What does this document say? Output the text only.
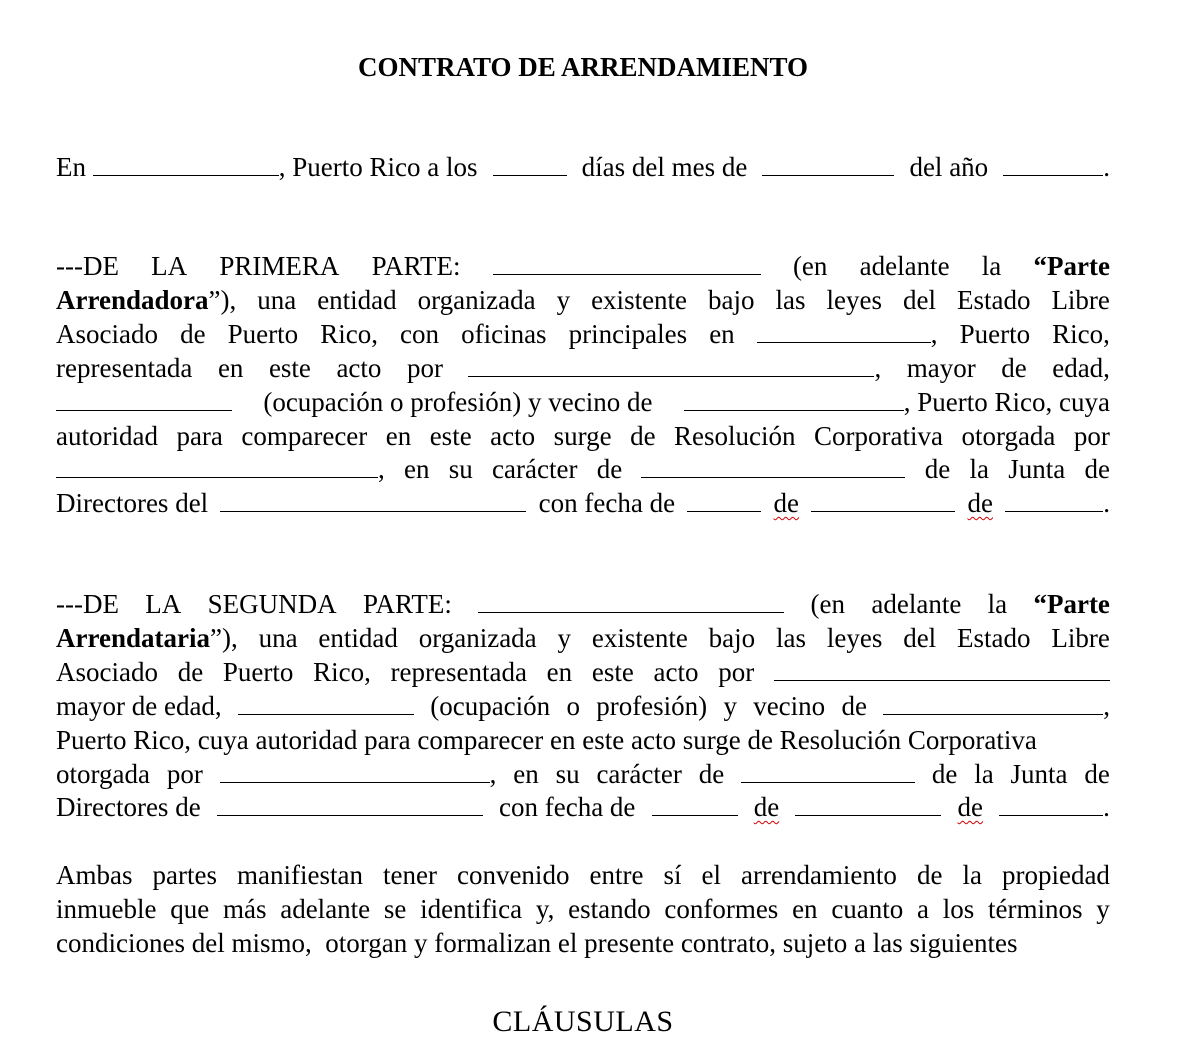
CONTRATO DE ARRENDAMIENTO
En	, Puerto Rico a los	días del mes de	del año	.
---DE LA PRIMERA PARTE:	(en adelante la “Parte
Arrendadora”), una entidad organizada y existente bajo las leyes del Estado Libre
Asociado de Puerto Rico, con oficinas principales en	, Puerto Rico,
representada en este acto por	, mayor de edad,
(ocupación o profesión) y vecino de	, Puerto Rico, cuya
autoridad para comparecer en este acto surge de Resolución Corporativa otorgada por
, en su carácter de	de la Junta de
Directores del	con fecha de	de	de	.
---DE LA SEGUNDA PARTE:	(en adelante la “Parte
Arrendataria”), una entidad organizada y existente bajo las leyes del Estado Libre
Asociado de Puerto Rico, representada en este acto por
mayor de edad,	(ocupación o profesión) y vecino de	,
Puerto Rico, cuya autoridad para comparecer en este acto surge de Resolución Corporativa
otorgada por	, en su carácter de	de la Junta de
Directores de	con fecha de	de	de	.
Ambas partes manifiestan tener convenido entre sí el arrendamiento de la propiedad
inmueble que más adelante se identifica y, estando conformes en cuanto a los términos y
condiciones del mismo,  otorgan y formalizan el presente contrato, sujeto a las siguientes
CLÁUSULAS
